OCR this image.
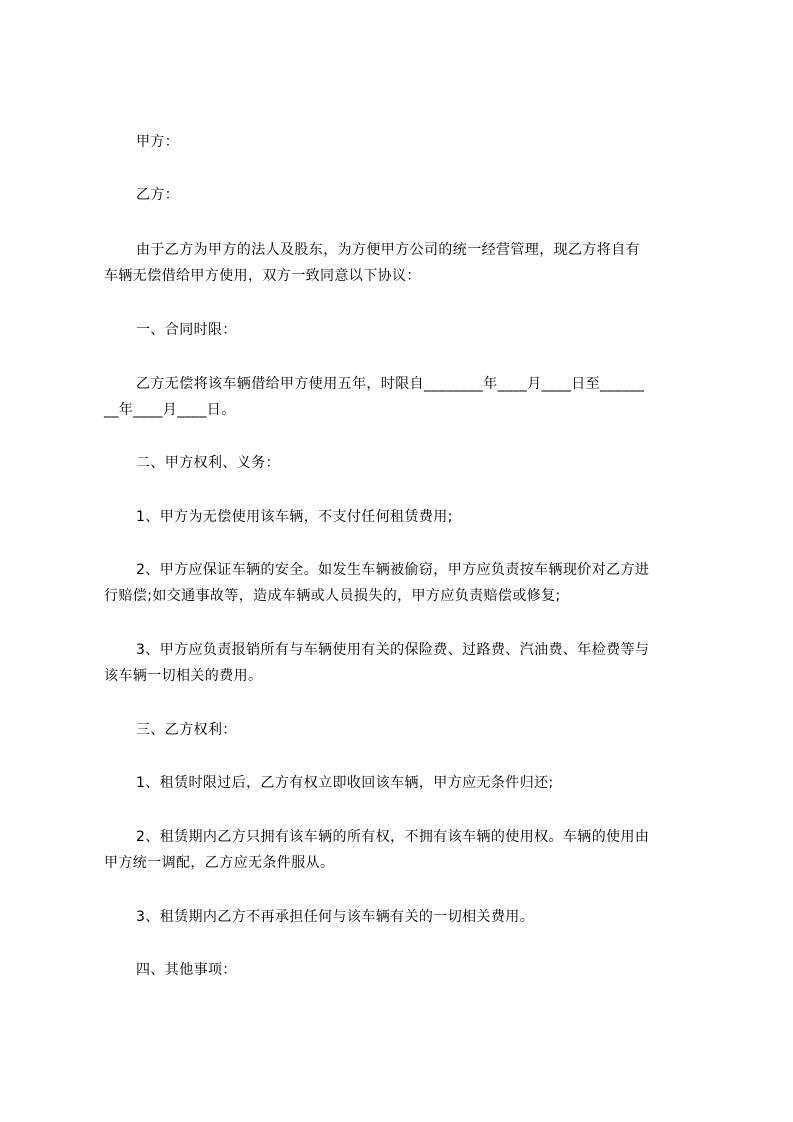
甲方：
乙方：
由于乙方为甲方的法人及股东，为方便甲方公司的统一经营管理，现乙方将自有
车辆无偿借给甲方使用，双方一致同意以下协议：
一、合同时限：
乙方无偿将该车辆借给甲方使用五年，时限自________年____月____日至______
__年____月____日。
二、甲方权利、义务：
1、甲方为无偿使用该车辆，不支付任何租赁费用;
2、甲方应保证车辆的安全。如发生车辆被偷窃，甲方应负责按车辆现价对乙方进
行赔偿;如交通事故等，造成车辆或人员损失的，甲方应负责赔偿或修复;
3、甲方应负责报销所有与车辆使用有关的保险费、过路费、汽油费、年检费等与
该车辆一切相关的费用。
三、乙方权利：
1、租赁时限过后，乙方有权立即收回该车辆，甲方应无条件归还;
2、租赁期内乙方只拥有该车辆的所有权，不拥有该车辆的使用权。车辆的使用由
甲方统一调配，乙方应无条件服从。
3、租赁期内乙方不再承担任何与该车辆有关的一切相关费用。
四、其他事项：
